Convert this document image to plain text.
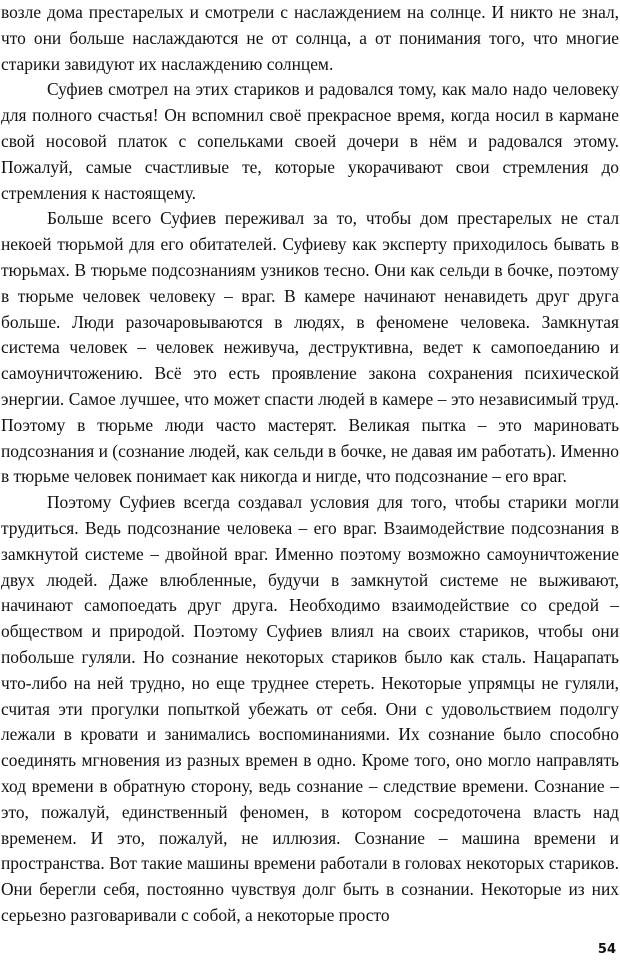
возле дома престарелых и смотрели с наслаждением на солнце. И никто не знал, что они больше наслаждаются не от солнца, а от понимания того, что многие старики завидуют их наслаждению солнцем.

Суфиев смотрел на этих стариков и радовался тому, как мало надо человеку для полного счастья! Он вспомнил своё прекрасное время, когда носил в кармане свой носовой платок с сопельками своей дочери в нём и радовался этому. Пожалуй, самые счастливые те, которые укорачивают свои стремления до стремления к настоящему.

Больше всего Суфиев переживал за то, чтобы дом престарелых не стал некоей тюрьмой для его обитателей. Суфиеву как эксперту приходилось бывать в тюрьмах. В тюрьме подсознаниям узников тесно. Они как сельди в бочке, поэтому в тюрьме человек человеку – враг. В камере начинают ненавидеть друг друга больше. Люди разочаровываются в людях, в феномене человека. Замкнутая система человек – человек неживуча, деструктивна, ведет к самопоеданию и самоуничтожению. Всё это есть проявление закона сохранения психической энергии. Самое лучшее, что может спасти людей в камере – это независимый труд. Поэтому в тюрьме люди часто мастерят. Великая пытка – это мариновать подсознания и (сознание людей, как сельди в бочке, не давая им работать). Именно в тюрьме человек понимает как никогда и нигде, что подсознание – его враг.

Поэтому Суфиев всегда создавал условия для того, чтобы старики могли трудиться. Ведь подсознание человека – его враг. Взаимодействие подсознания в замкнутой системе – двойной враг. Именно поэтому возможно самоуничтожение двух людей. Даже влюбленные, будучи в замкнутой системе не выживают, начинают самопоедать друг друга. Необходимо взаимодействие со средой – обществом и природой. Поэтому Суфиев влиял на своих стариков, чтобы они побольше гуляли. Но сознание некоторых стариков было как сталь. Нацарапать что-либо на ней трудно, но еще труднее стереть. Некоторые упрямцы не гуляли, считая эти прогулки попыткой убежать от себя. Они с удовольствием подолгу лежали в кровати и занимались воспоминаниями. Их сознание было способно соединять мгновения из разных времен в одно. Кроме того, оно могло направлять ход времени в обратную сторону, ведь сознание – следствие времени. Сознание – это, пожалуй, единственный феномен, в котором сосредоточена власть над временем. И это, пожалуй, не иллюзия. Сознание – машина времени и пространства. Вот такие машины времени работали в головах некоторых стариков. Они берегли себя, постоянно чувствуя долг быть в сознании. Некоторые из них серьезно разговаривали с собой, а некоторые просто

54
